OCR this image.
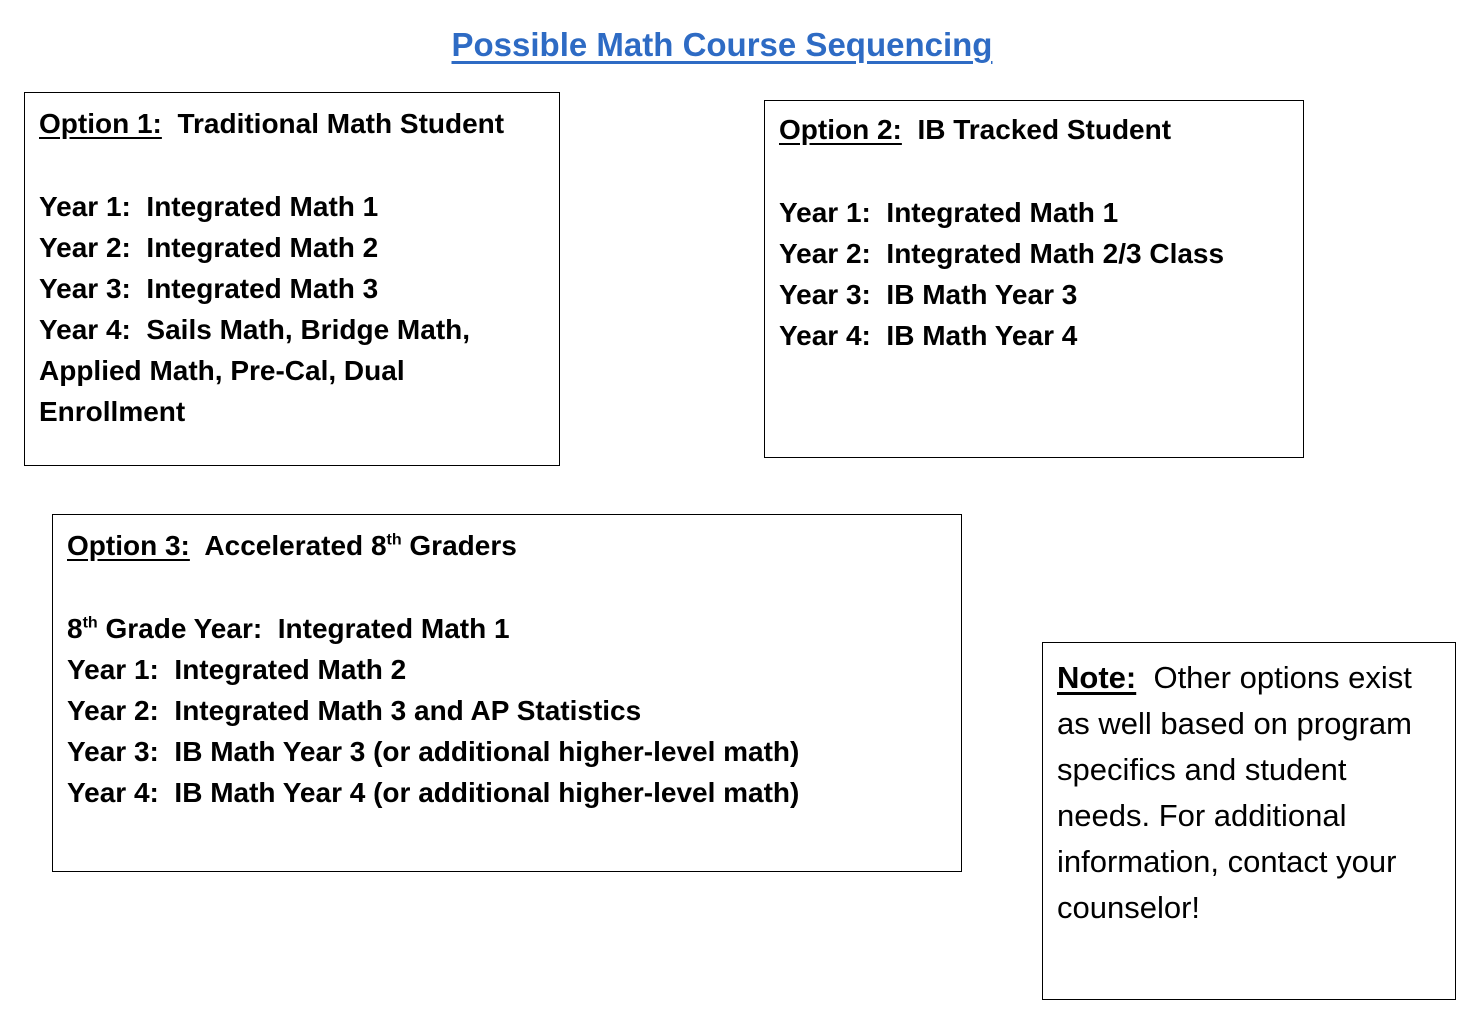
Possible Math Course Sequencing

Option 1: Traditional Math Student

Year 1: Integrated Math 1

Year 2: Integrated Math 2

Year 3: Integrated Math 3

Year 4: Sails Math, Bridge Math, Applied Math, Pre-Cal, Dual Enrollment

Option 2: IB Tracked Student

Year 1: Integrated Math 1

Year 2: Integrated Math 2/3 Class

Year 3: IB Math Year 3

Year 4: IB Math Year 4

Option 3: Accelerated 8th Graders

8th Grade Year: Integrated Math 1

Year 1: Integrated Math 2

Year 2: Integrated Math 3 and AP Statistics

Year 3: IB Math Year 3 (or additional higher-level math)

Year 4: IB Math Year 4 (or additional higher-level math)

Note: Other options exist as well based on program specifics and student needs. For additional information, contact your counselor!
